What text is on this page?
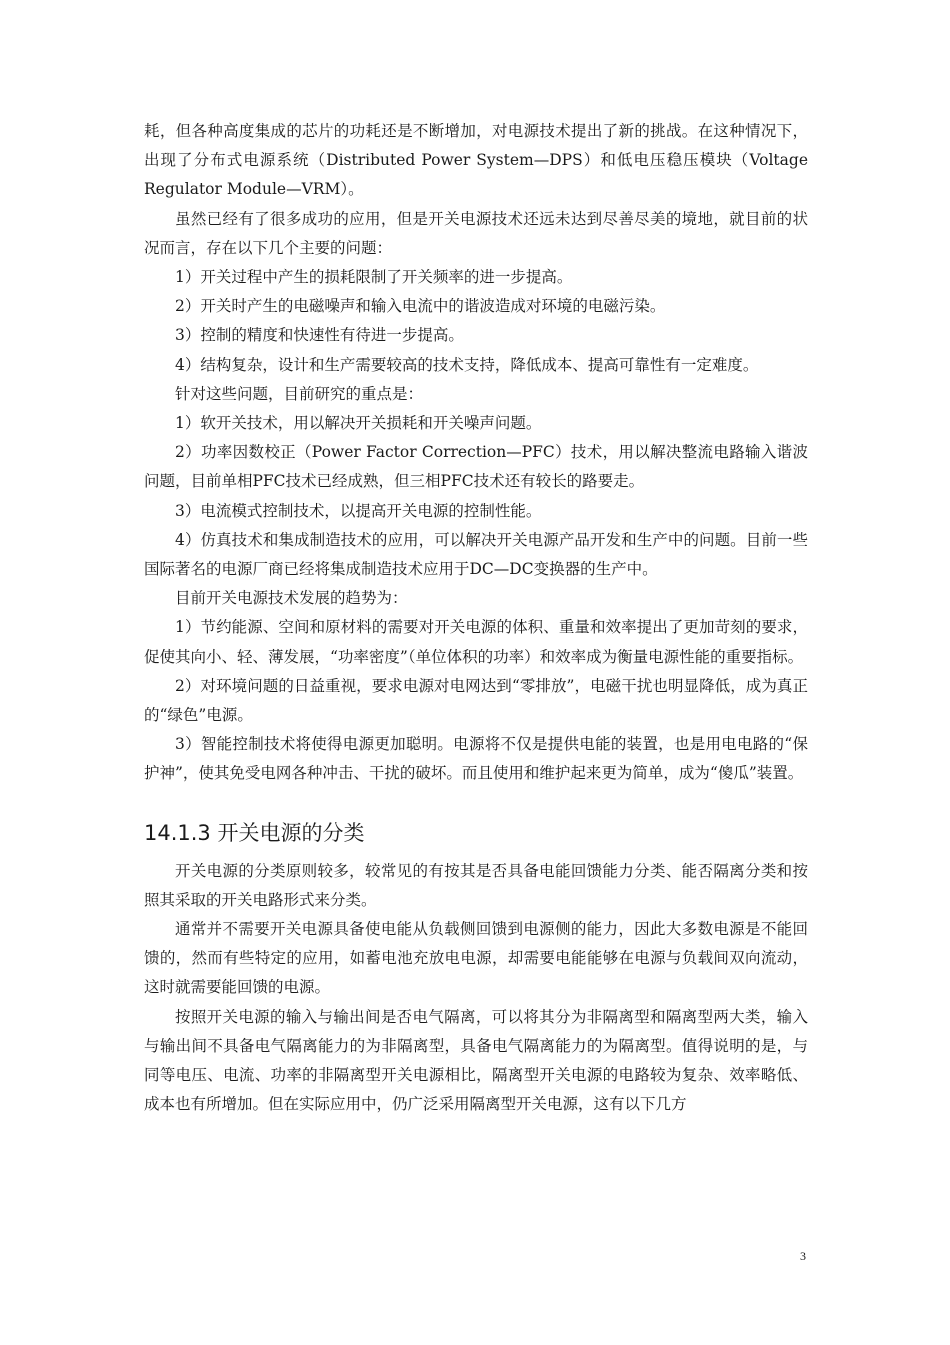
耗，但各种高度集成的芯片的功耗还是不断增加，对电源技术提出了新的挑战。在这种情况下，出现了分布式电源系统（Distributed Power System—DPS）和低电压稳压模块（Voltage Regulator Module—VRM）。

虽然已经有了很多成功的应用，但是开关电源技术还远未达到尽善尽美的境地，就目前的状况而言，存在以下几个主要的问题：

1）开关过程中产生的损耗限制了开关频率的进一步提高。

2）开关时产生的电磁噪声和输入电流中的谐波造成对环境的电磁污染。

3）控制的精度和快速性有待进一步提高。

4）结构复杂，设计和生产需要较高的技术支持，降低成本、提高可靠性有一定难度。

针对这些问题，目前研究的重点是：

1）软开关技术，用以解决开关损耗和开关噪声问题。

2）功率因数校正（Power Factor Correction—PFC）技术，用以解决整流电路输入谐波问题，目前单相PFC技术已经成熟，但三相PFC技术还有较长的路要走。

3）电流模式控制技术，以提高开关电源的控制性能。

4）仿真技术和集成制造技术的应用，可以解决开关电源产品开发和生产中的问题。目前一些国际著名的电源厂商已经将集成制造技术应用于DC—DC变换器的生产中。

目前开关电源技术发展的趋势为：

1）节约能源、空间和原材料的需要对开关电源的体积、重量和效率提出了更加苛刻的要求，促使其向小、轻、薄发展，“功率密度”（单位体积的功率）和效率成为衡量电源性能的重要指标。

2）对环境问题的日益重视，要求电源对电网达到“零排放”，电磁干扰也明显降低，成为真正的“绿色”电源。

3）智能控制技术将使得电源更加聪明。电源将不仅是提供电能的装置，也是用电电路的“保护神”，使其免受电网各种冲击、干扰的破坏。而且使用和维护起来更为简单，成为“傻瓜”装置。

14.1.3 开关电源的分类

开关电源的分类原则较多，较常见的有按其是否具备电能回馈能力分类、能否隔离分类和按照其采取的开关电路形式来分类。

通常并不需要开关电源具备使电能从负载侧回馈到电源侧的能力，因此大多数电源是不能回馈的，然而有些特定的应用，如蓄电池充放电电源，却需要电能能够在电源与负载间双向流动，这时就需要能回馈的电源。

按照开关电源的输入与输出间是否电气隔离，可以将其分为非隔离型和隔离型两大类，输入与输出间不具备电气隔离能力的为非隔离型，具备电气隔离能力的为隔离型。值得说明的是，与同等电压、电流、功率的非隔离型开关电源相比，隔离型开关电源的电路较为复杂、效率略低、成本也有所增加。但在实际应用中，仍广泛采用隔离型开关电源，这有以下几方

3
